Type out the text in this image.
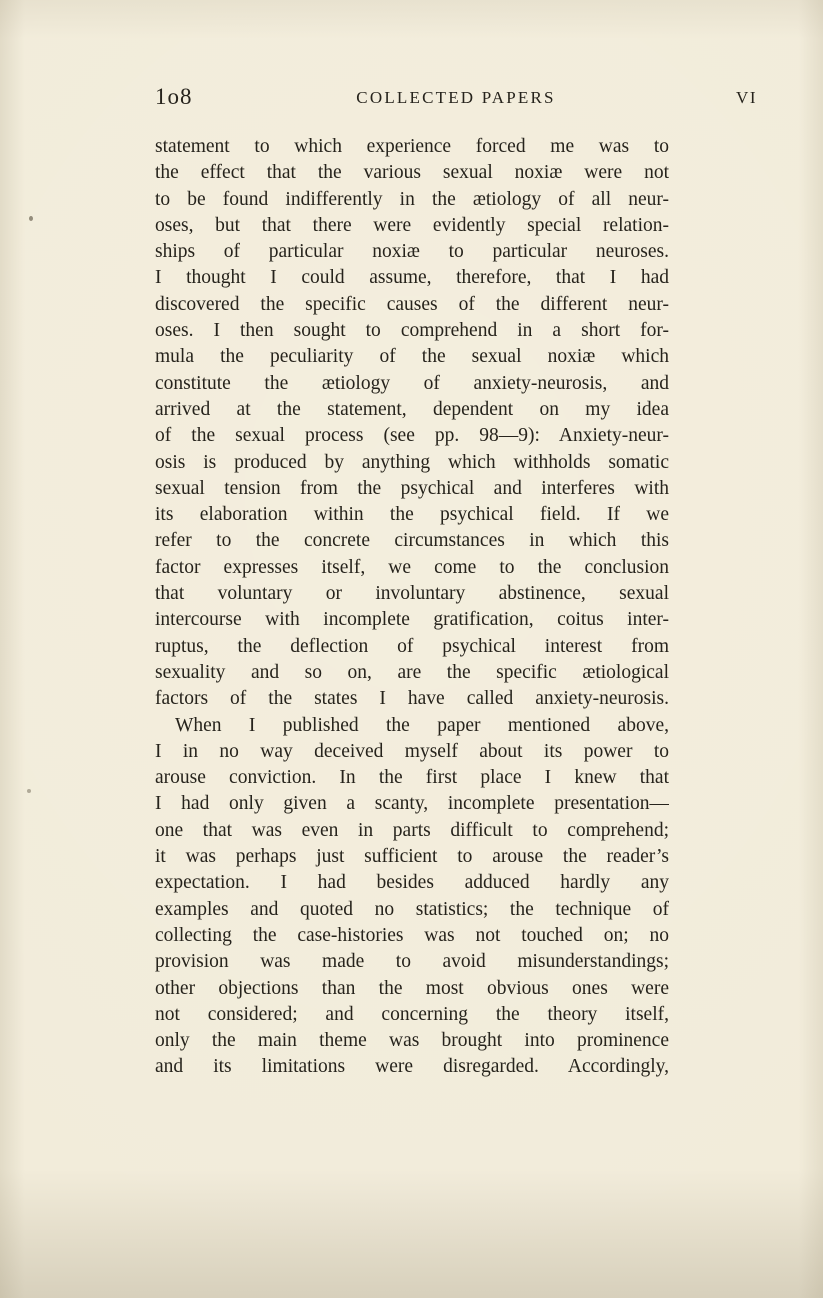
1o8	COLLECTED PAPERS	VI
statement to which experience forced me was to
the effect that the various sexual noxiæ were not
to be found indifferently in the ætiology of all neur-
oses, but that there were evidently special relation-
ships of particular noxiæ to particular neuroses.
I thought I could assume, therefore, that I had
discovered the specific causes of the different neur-
oses. I then sought to comprehend in a short for-
mula the peculiarity of the sexual noxiæ which
constitute the ætiology of anxiety-neurosis, and
arrived at the statement, dependent on my idea
of the sexual process (see pp. 98—9): Anxiety-neur-
osis is produced by anything which withholds somatic
sexual tension from the psychical and interferes with
its elaboration within the psychical field. If we
refer to the concrete circumstances in which this
factor expresses itself, we come to the conclusion
that voluntary or involuntary abstinence, sexual
intercourse with incomplete gratification, coitus inter-
ruptus, the deflection of psychical interest from
sexuality and so on, are the specific ætiological
factors of the states I have called anxiety-neurosis.
When I published the paper mentioned above,
I in no way deceived myself about its power to
arouse conviction. In the first place I knew that
I had only given a scanty, incomplete presentation—
one that was even in parts difficult to comprehend;
it was perhaps just sufficient to arouse the reader’s
expectation. I had besides adduced hardly any
examples and quoted no statistics; the technique of
collecting the case-histories was not touched on; no
provision was made to avoid misunderstandings;
other objections than the most obvious ones were
not considered; and concerning the theory itself,
only the main theme was brought into prominence
and its limitations were disregarded. Accordingly,
